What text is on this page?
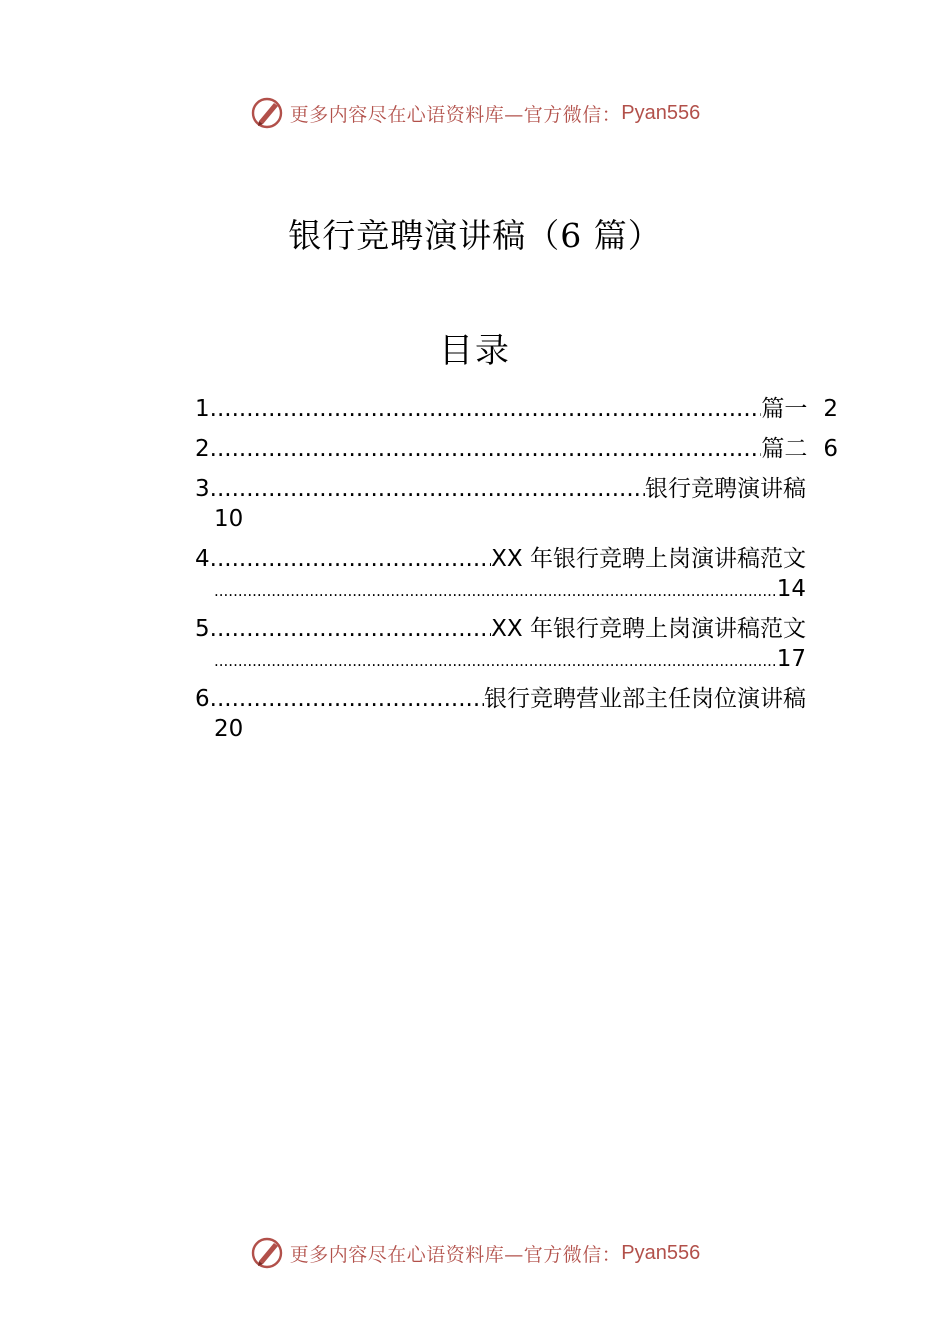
更多内容尽在心语资料库—官方微信： Pyan556
银行竞聘演讲稿（6 篇）
目录
1 .....	篇一 2
2 .....	篇二 6
3 .....	银行竞聘演讲稿
10
4 .....	XX 年银行竞聘上岗演讲稿范文
.....
14
5 .....	XX 年银行竞聘上岗演讲稿范文
.....
17
6 .....	银行竞聘营业部主任岗位演讲稿
20
更多内容尽在心语资料库—官方微信： Pyan556
